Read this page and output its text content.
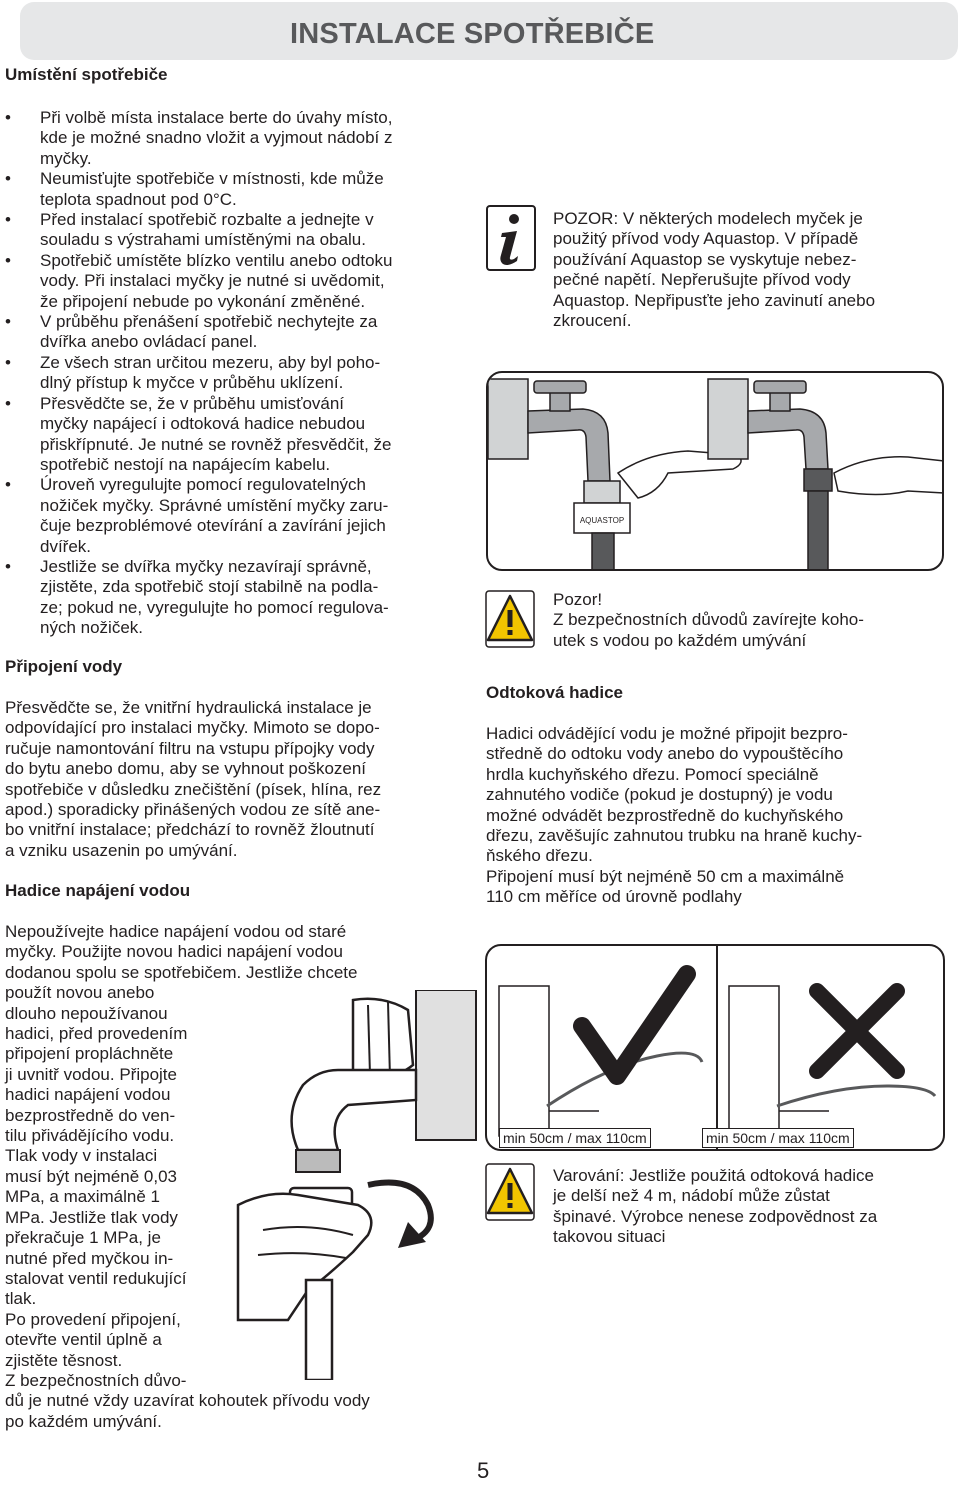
INSTALACE SPOTŘEBIČE
Umístění spotřebiče
• Při volbě místa instalace berte do úvahy místo,
kde je možné snadno vložit a vyjmout nádobí z
myčky.
• Neumisťujte spotřebiče v místnosti, kde může
teplota spadnout pod 0°C.
• Před instalací spotřebič rozbalte a jednejte v
souladu s výstrahami umístěnými na obalu.
• Spotřebič umístěte blízko ventilu anebo odtoku
vody. Při instalaci myčky je nutné si uvědomit,
že připojení nebude po vykonání změněné.
• V průběhu přenášení spotřebič nechytejte za
dvířka anebo ovládací panel.
• Ze všech stran určitou mezeru, aby byl poho-
dlný přístup k myčce v průběhu uklízení.
• Přesvědčte se, že v průběhu umisťování
myčky napájecí i odtoková hadice nebudou
přiskřípnuté. Je nutné se rovněž přesvědčit, že
spotřebič nestojí na napájecím kabelu.
• Úroveň vyregulujte pomocí regulovatelných
nožiček myčky. Správné umístění myčky zaru-
čuje bezproblémové otevírání a zavírání jejich
dvířek.
• Jestliže se dvířka myčky nezavírají správně,
zjistěte, zda spotřebič stojí stabilně na podla-
ze; pokud ne, vyregulujte ho pomocí regulova-
ných nožiček.
Připojení vody
Přesvědčte se, že vnitřní hydraulická instalace je
odpovídající pro instalaci myčky. Mimoto se dopo-
ručuje namontování filtru na vstupu přípojky vody
do bytu anebo domu, aby se vyhnout poškození
spotřebiče v důsledku znečištění (písek, hlína, rez
apod.) sporadicky přinášených vodou ze sítě ane-
bo vnitřní instalace; předchází to rovněž žloutnutí
a vzniku usazenin po umývání.
Hadice napájení vodou
Nepoužívejte hadice napájení vodou od staré
myčky. Použijte novou hadici napájení vodou
dodanou spolu se spotřebičem. Jestliže chcete
použít novou anebo
dlouho nepoužívanou
hadici, před provedením
připojení propláchněte
ji uvnitř vodou. Připojte
hadici napájení vodou
bezprostředně do ven-
tilu přivádějícího vodu.
Tlak vody v instalaci
musí být nejméně 0,03
MPa, a maximálně 1
MPa. Jestliže tlak vody
překračuje 1 MPa, je
nutné před myčkou in-
stalovat ventil redukující
tlak.
Po provedení připojení,
otevřte ventil úplně a
zjistěte těsnost.
Z bezpečnostních důvo-
dů je nutné vždy uzavírat kohoutek přívodu vody
po každém umývání.
POZOR: V některých modelech myček je
použitý přívod vody Aquastop. V případě
používání Aquastop se vyskytuje nebez-
pečné napětí. Nepřerušujte přívod vody
Aquastop. Nepřipusťte jeho zavinutí anebo
zkroucení.
AQUASTOP
Pozor!
Z bezpečnostních důvodů zavírejte koho-
utek s vodou po každém umývání
Odtoková hadice
Hadici odvádějící vodu je možné připojit bezpro-
středně do odtoku vody anebo do vypouštěcího
hrdla kuchyňského dřezu. Pomocí speciálně
zahnutého vodiče (pokud je dostupný) je vodu
možné odvádět bezprostředně do kuchyňského
dřezu, zavěšujíc zahnutou trubku na hraně kuchy-
ňského dřezu.
Připojení musí být nejméně 50 cm a maximálně
110 cm měříce od úrovně podlahy
min 50cm / max 110cm	min 50cm / max 110cm
Varování: Jestliže použitá odtoková hadice
je delší než 4 m, nádobí může zůstat
špinavé. Výrobce nenese zodpovědnost za
takovou situaci
5
